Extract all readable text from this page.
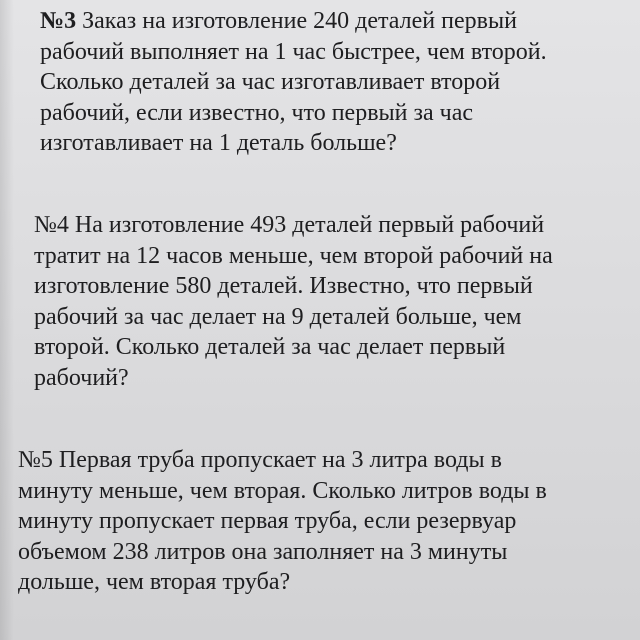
№3 Заказ на изготовление 240 деталей первый
рабочий выполняет на 1 час быстрее, чем второй.
Сколько деталей за час изготавливает второй
рабочий, если известно, что первый за час
изготавливает на 1 деталь больше?
№4 На изготовление 493 деталей первый рабочий
тратит на 12 часов меньше, чем второй рабочий на
изготовление 580 деталей. Известно, что первый
рабочий за час делает на 9 деталей больше, чем
второй. Сколько деталей за час делает первый
рабочий?
№5 Первая труба пропускает на 3 литра воды в
минуту меньше, чем вторая. Сколько литров воды в
минуту пропускает первая труба, если резервуар
объемом 238 литров она заполняет на 3 минуты
дольше, чем вторая труба?
